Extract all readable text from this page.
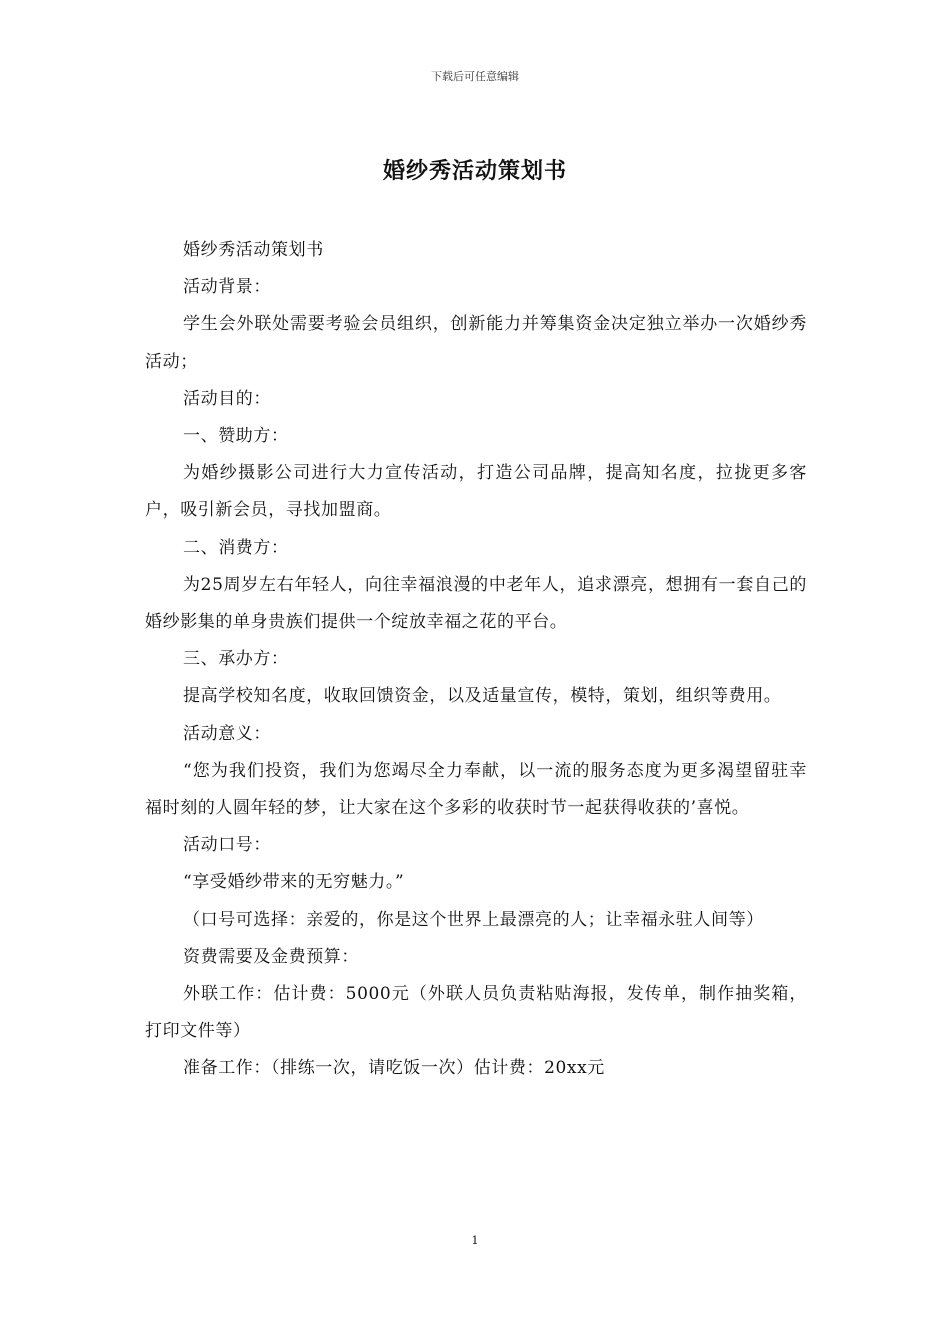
下载后可任意编辑
婚纱秀活动策划书

婚纱秀活动策划书

活动背景：

学生会外联处需要考验会员组织，创新能力并筹集资金决定独立举办一次婚纱秀活动；

活动目的：

一、赞助方：

为婚纱摄影公司进行大力宣传活动，打造公司品牌，提高知名度，拉拢更多客户，吸引新会员，寻找加盟商。

二、消费方：

为25周岁左右年轻人，向往幸福浪漫的中老年人，追求漂亮，想拥有一套自己的婚纱影集的单身贵族们提供一个绽放幸福之花的平台。

三、承办方：

提高学校知名度，收取回馈资金，以及适量宣传，模特，策划，组织等费用。

活动意义：

“您为我们投资，我们为您竭尽全力奉献，以一流的服务态度为更多渴望留驻幸福时刻的人圆年轻的梦，让大家在这个多彩的收获时节一起获得收获的’喜悦。

活动口号：

“享受婚纱带来的无穷魅力。”

（口号可选择：亲爱的，你是这个世界上最漂亮的人；让幸福永驻人间等）

资费需要及金费预算：

外联工作：估计费：5000元（外联人员负责粘贴海报，发传单，制作抽奖箱，打印文件等）

准备工作：（排练一次，请吃饭一次）估计费：20xx元

1
